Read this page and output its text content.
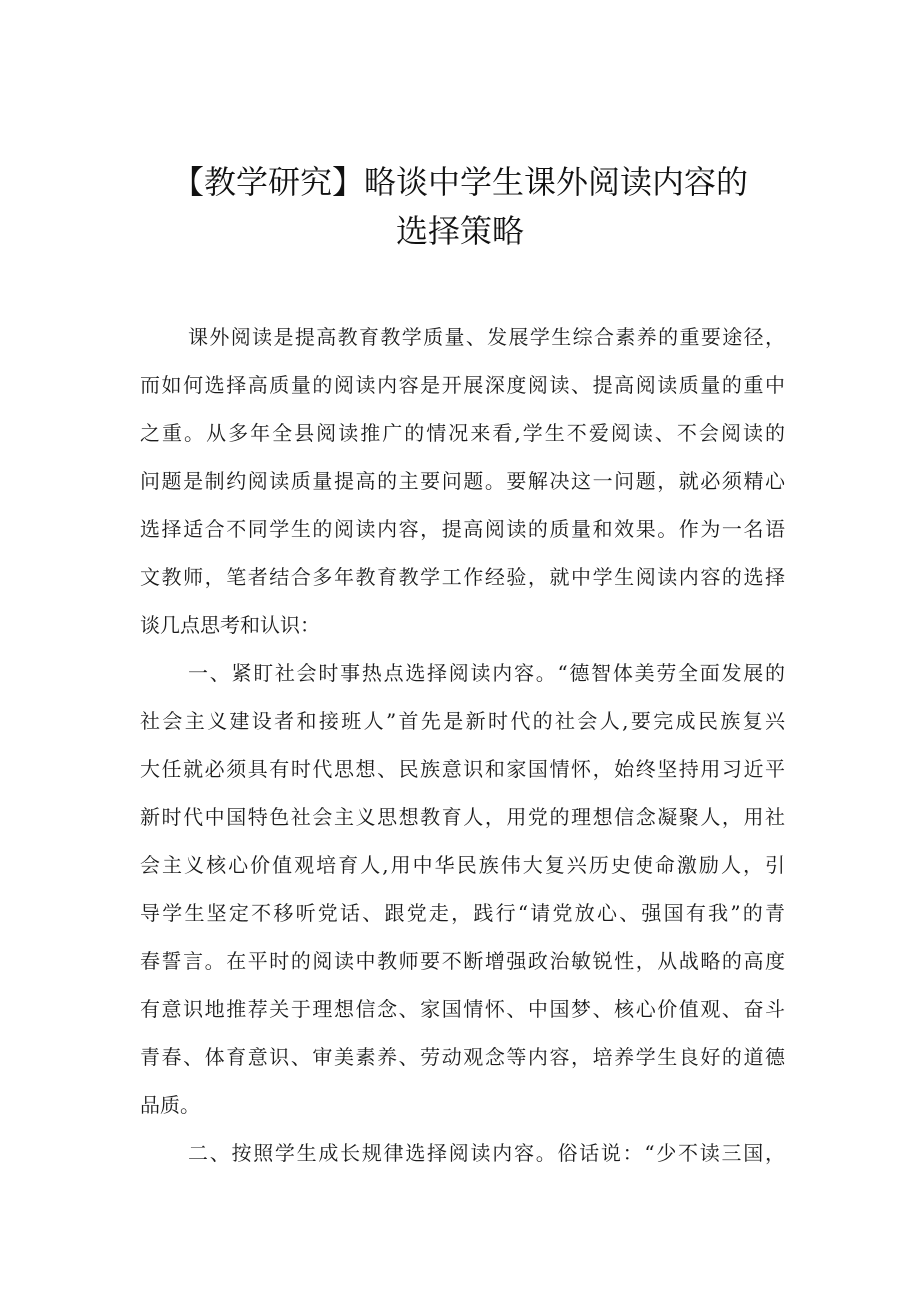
【教学研究】略谈中学生课外阅读内容的
选择策略
课外阅读是提高教育教学质量、发展学生综合素养的重要途径，
而如何选择高质量的阅读内容是开展深度阅读、提高阅读质量的重中
之重。从多年全县阅读推广的情况来看,学生不爱阅读、不会阅读的
问题是制约阅读质量提高的主要问题。要解决这一问题，就必须精心
选择适合不同学生的阅读内容，提高阅读的质量和效果。作为一名语
文教师，笔者结合多年教育教学工作经验，就中学生阅读内容的选择
谈几点思考和认识：
一、紧盯社会时事热点选择阅读内容。“德智体美劳全面发展的
社会主义建设者和接班人”首先是新时代的社会人,要完成民族复兴
大任就必须具有时代思想、民族意识和家国情怀，始终坚持用习近平
新时代中国特色社会主义思想教育人，用党的理想信念凝聚人，用社
会主义核心价值观培育人,用中华民族伟大复兴历史使命激励人，引
导学生坚定不移听党话、跟党走，践行“请党放心、强国有我”的青
春誓言。在平时的阅读中教师要不断增强政治敏锐性，从战略的高度
有意识地推荐关于理想信念、家国情怀、中国梦、核心价值观、奋斗
青春、体育意识、审美素养、劳动观念等内容，培养学生良好的道德
品质。
二、按照学生成长规律选择阅读内容。俗话说：“少不读三国，
